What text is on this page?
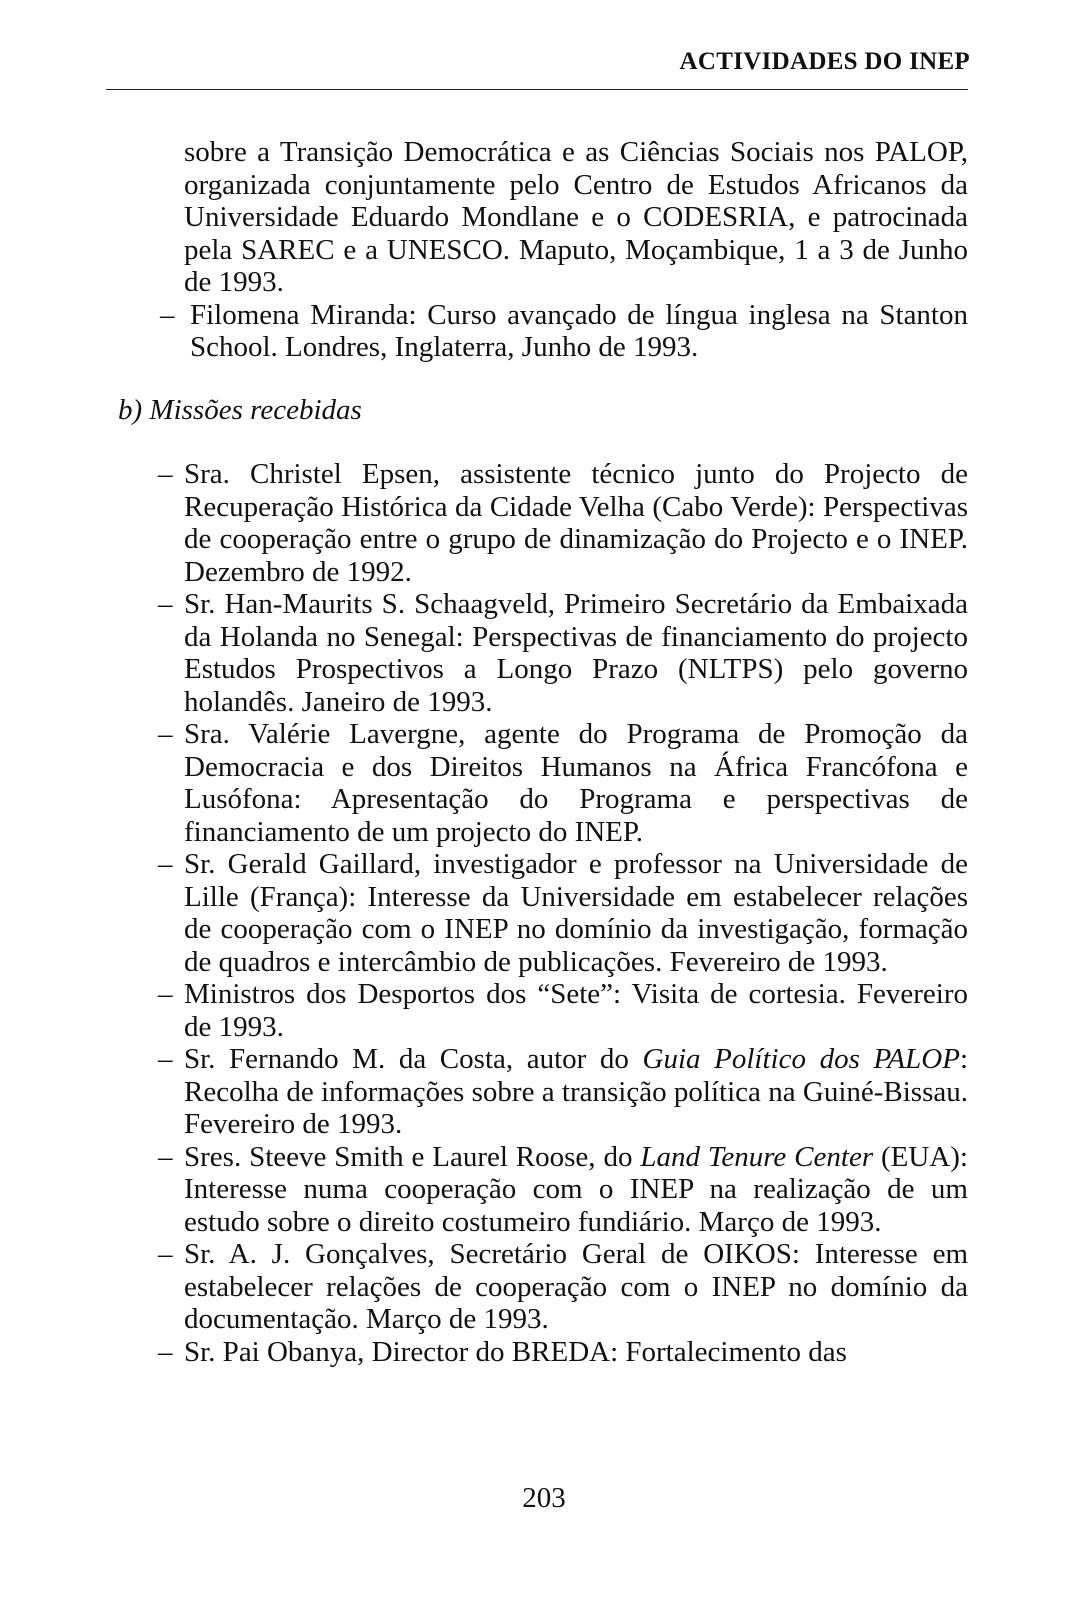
ACTIVIDADES DO INEP

sobre a Transição Democrática e as Ciências Sociais nos PALOP, organizada conjuntamente pelo Centro de Estudos Africanos da Universidade Eduardo Mondlane e o CODESRIA, e patrocinada pela SAREC e a UNESCO. Maputo, Moçambique, 1 a 3 de Junho de 1993.

– Filomena Miranda: Curso avançado de língua inglesa na Stanton School. Londres, Inglaterra, Junho de 1993.

b) Missões recebidas

– Sra. Christel Epsen, assistente técnico junto do Projecto de Recuperação Histórica da Cidade Velha (Cabo Verde): Perspectivas de cooperação entre o grupo de dinamização do Projecto e o INEP. Dezembro de 1992.

– Sr. Han-Maurits S. Schaagveld, Primeiro Secretário da Embaixada da Holanda no Senegal: Perspectivas de financiamento do projecto Estudos Prospectivos a Longo Prazo (NLTPS) pelo governo holandês. Janeiro de 1993.

– Sra. Valérie Lavergne, agente do Programa de Promoção da Democracia e dos Direitos Humanos na África Francófona e Lusófona: Apresentação do Programa e perspectivas de financiamento de um projecto do INEP.

– Sr. Gerald Gaillard, investigador e professor na Universidade de Lille (França): Interesse da Universidade em estabelecer relações de cooperação com o INEP no domínio da investigação, formação de quadros e intercâmbio de publicações. Fevereiro de 1993.

– Ministros dos Desportos dos “Sete”: Visita de cortesia. Fevereiro de 1993.

– Sr. Fernando M. da Costa, autor do Guia Político dos PALOP: Recolha de informações sobre a transição política na Guiné-Bissau. Fevereiro de 1993.

– Sres. Steeve Smith e Laurel Roose, do Land Tenure Center (EUA): Interesse numa cooperação com o INEP na realização de um estudo sobre o direito costumeiro fundiário. Março de 1993.

– Sr. A. J. Gonçalves, Secretário Geral de OIKOS: Interesse em estabelecer relações de cooperação com o INEP no domínio da documentação. Março de 1993.

– Sr. Pai Obanya, Director do BREDA: Fortalecimento das

203
